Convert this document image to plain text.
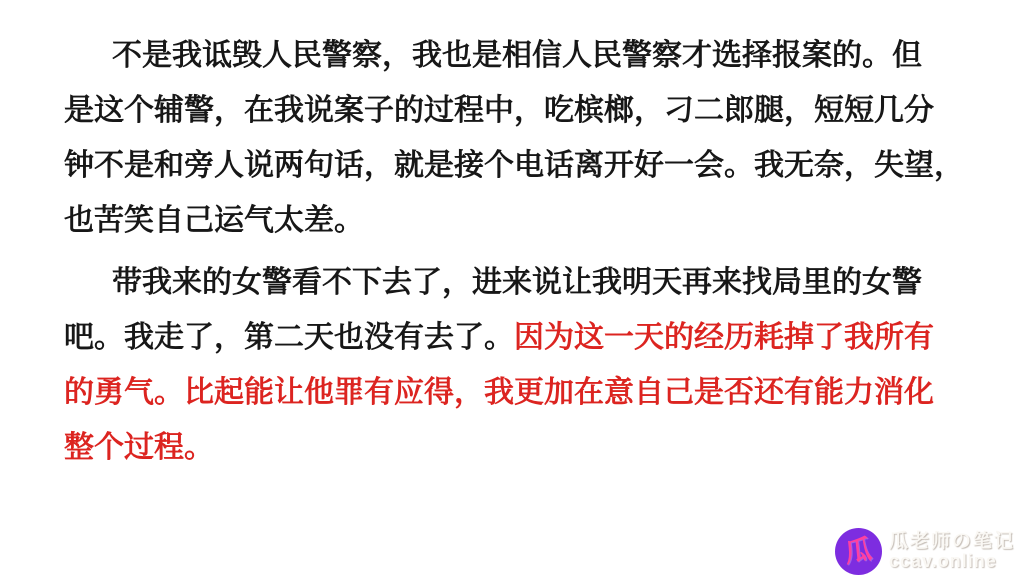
不是我诋毁人民警察，我也是相信人民警察才选择报案的。但
是这个辅警，在我说案子的过程中，吃槟榔，刁二郎腿，短短几分
钟不是和旁人说两句话，就是接个电话离开好一会。我无奈，失望，
也苦笑自己运气太差。
带我来的女警看不下去了，进来说让我明天再来找局里的女警
吧。我走了，第二天也没有去了。因为这一天的经历耗掉了我所有
的勇气。比起能让他罪有应得，我更加在意自己是否还有能力消化
整个过程。
瓜 瓜老师の笔记
ccav.online
